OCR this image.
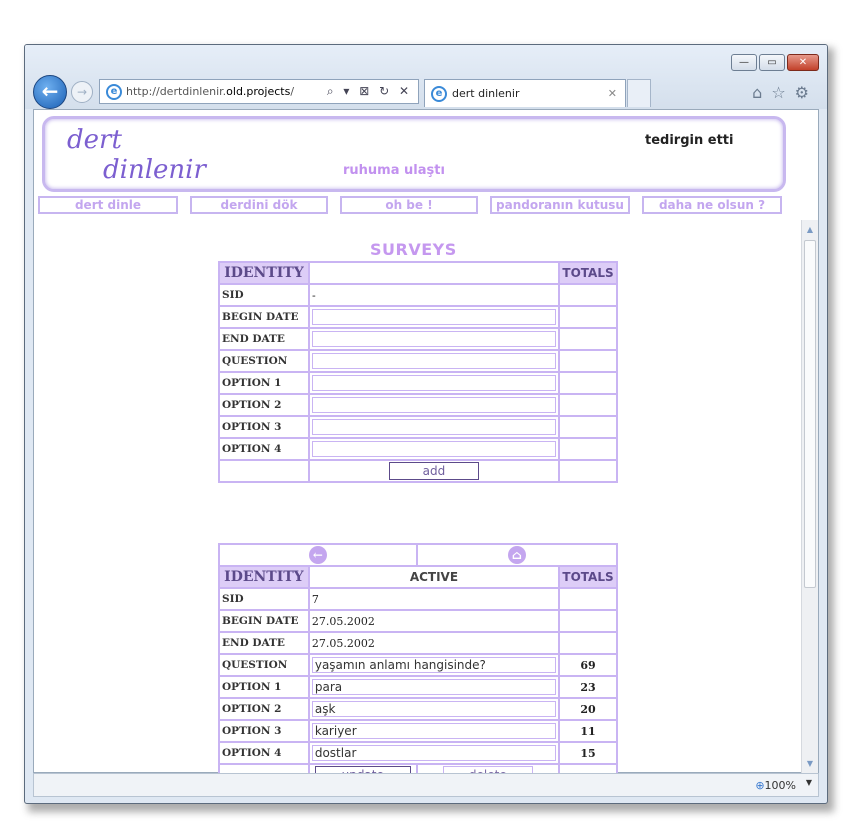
—	▭	✕
←	→	e http://dertdinlenir. old.projects /	⌕ ▾ ⊠ ↻ ✕	e dert dinlenir	✕	⌂ ☆ ⚙
dert
dinlenir	ruhuma ulaştı
tedirgin etti
dert dinle	derdini dök	oh be !	pandoranın kutusu	daha ne olsun ?
SURVEYS
IDENTITY		TOTALS
SID	-	
BEGIN DATE	

END DATE	

QUESTION	

OPTION 1	

OPTION 2	

OPTION 3	

OPTION 4	

	add	
←		⌂	
IDENTITY	ACTIVE		TOTALS
SID	7		
BEGIN DATE	27.05.2002		
END DATE	27.05.2002		
QUESTION	yaşamın anlamı hangisinde?		69
OPTION 1	para		23
OPTION 2	aşk		20
OPTION 3	kariyer		11
OPTION 4	dostlar		15

▲
▼
⊕100% ▼
